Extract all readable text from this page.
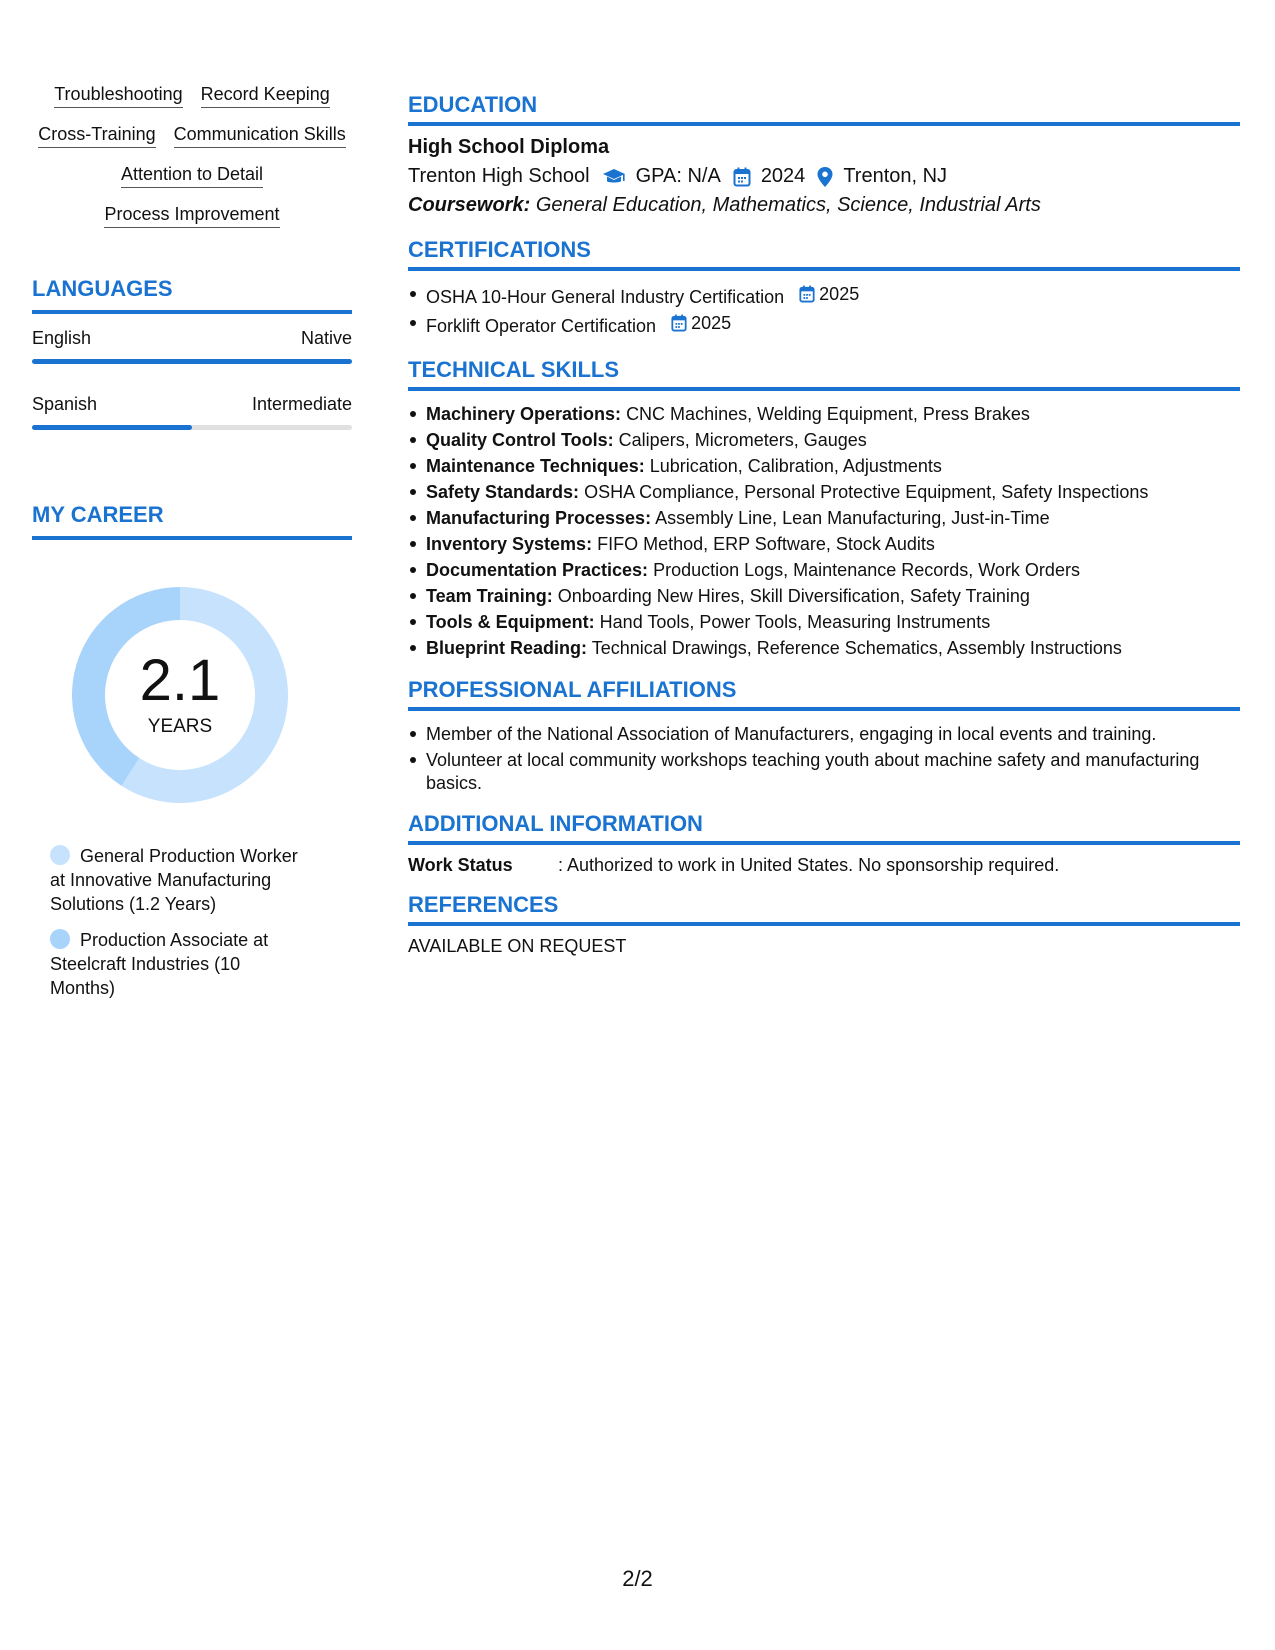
Troubleshooting Record Keeping
Cross-Training Communication Skills
Attention to Detail
Process Improvement
LANGUAGES
English	Native
Spanish	Intermediate
MY CAREER
2.1
YEARS
General Production Worker at Innovative Manufacturing Solutions (1.2 Years)
Production Associate at Steelcraft Industries (10 Months)
EDUCATION
High School Diploma
Trenton High School GPA: N/A 2024 Trenton, NJ
Coursework: General Education, Mathematics, Science, Industrial Arts
CERTIFICATIONS
OSHA 10-Hour General Industry Certification 2025
Forklift Operator Certification 2025
TECHNICAL SKILLS
Machinery Operations: CNC Machines, Welding Equipment, Press Brakes
Quality Control Tools: Calipers, Micrometers, Gauges
Maintenance Techniques: Lubrication, Calibration, Adjustments
Safety Standards: OSHA Compliance, Personal Protective Equipment, Safety Inspections
Manufacturing Processes: Assembly Line, Lean Manufacturing, Just-in-Time
Inventory Systems: FIFO Method, ERP Software, Stock Audits
Documentation Practices: Production Logs, Maintenance Records, Work Orders
Team Training: Onboarding New Hires, Skill Diversification, Safety Training
Tools & Equipment: Hand Tools, Power Tools, Measuring Instruments
Blueprint Reading: Technical Drawings, Reference Schematics, Assembly Instructions
PROFESSIONAL AFFILIATIONS
Member of the National Association of Manufacturers, engaging in local events and training.
Volunteer at local community workshops teaching youth about machine safety and manufacturing basics.
ADDITIONAL INFORMATION
Work Status	: Authorized to work in United States. No sponsorship required.
REFERENCES
AVAILABLE ON REQUEST
2/2
